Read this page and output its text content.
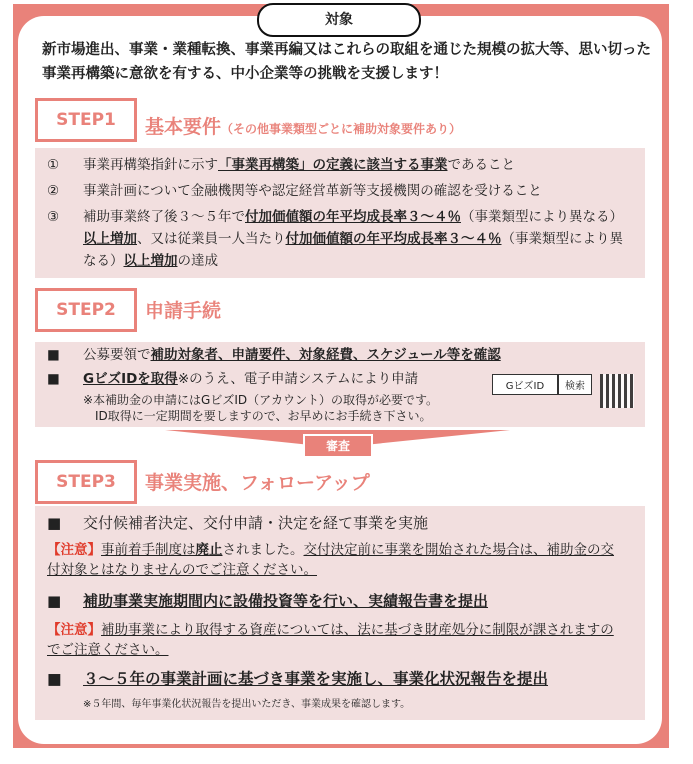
対象
新市場進出、事業・業種転換、事業再編又はこれらの取組を通じた規模の拡大等、思い切った事業再構築に意欲を有する、中小企業等の挑戦を支援します！
STEP1	基本要件（その他事業類型ごとに補助対象要件あり）
① 事業再構築指針に示す「事業再構築」の定義に該当する事業であること
② 事業計画について金融機関等や認定経営革新等支援機関の確認を受けること
③ 補助事業終了後３～５年で付加価値額の年平均成長率３～４％（事業類型により異なる）以上増加、又は従業員一人当たり付加価値額の年平均成長率３～４％（事業類型により異なる）以上増加の達成
STEP2	申請手続
■ 公募要領で補助対象者、申請要件、対象経費、スケジュール等を確認
■ GビズIDを取得※のうえ、電子申請システムにより申請
※本補助金の申請にはGビズID（アカウント）の取得が必要です。
ID取得に一定期間を要しますので、お早めにお手続き下さい。
GビズID	検索
審査
STEP3	事業実施、フォローアップ
■ 交付候補者決定、交付申請・決定を経て事業を実施
【注意】事前着手制度は廃止されました。交付決定前に事業を開始された場合は、補助金の交付対象とはなりませんのでご注意ください。
■ 補助事業実施期間内に設備投資等を行い、実績報告書を提出
【注意】補助事業により取得する資産については、法に基づき財産処分に制限が課されますのでご注意ください。
■ ３～５年の事業計画に基づき事業を実施し、事業化状況報告を提出
※５年間、毎年事業化状況報告を提出いただき、事業成果を確認します。
